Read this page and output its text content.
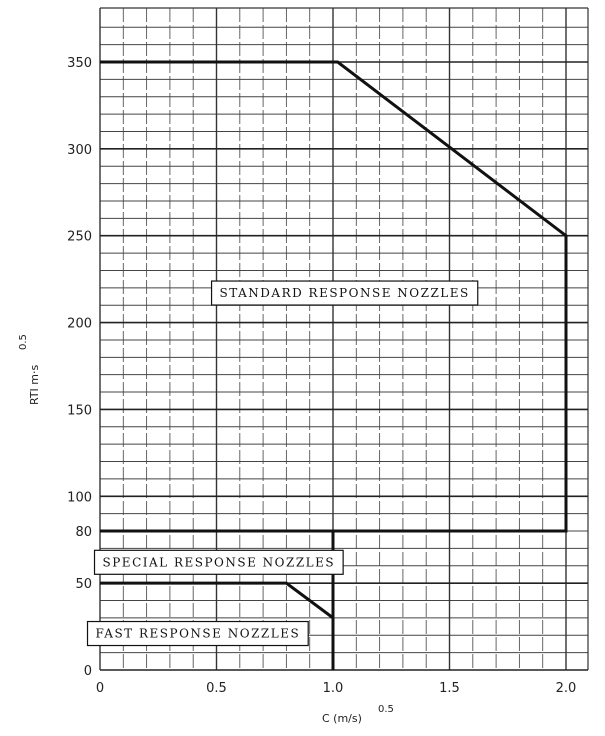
0	0.5	1.0	1.5	2.0
0
50
80
100
150
200
250
300
350
STANDARD RESPONSE NOZZLES
SPECIAL RESPONSE NOZZLES
FAST RESPONSE NOZZLES
C (m/s)
0.5
RTI m·s
0.5
